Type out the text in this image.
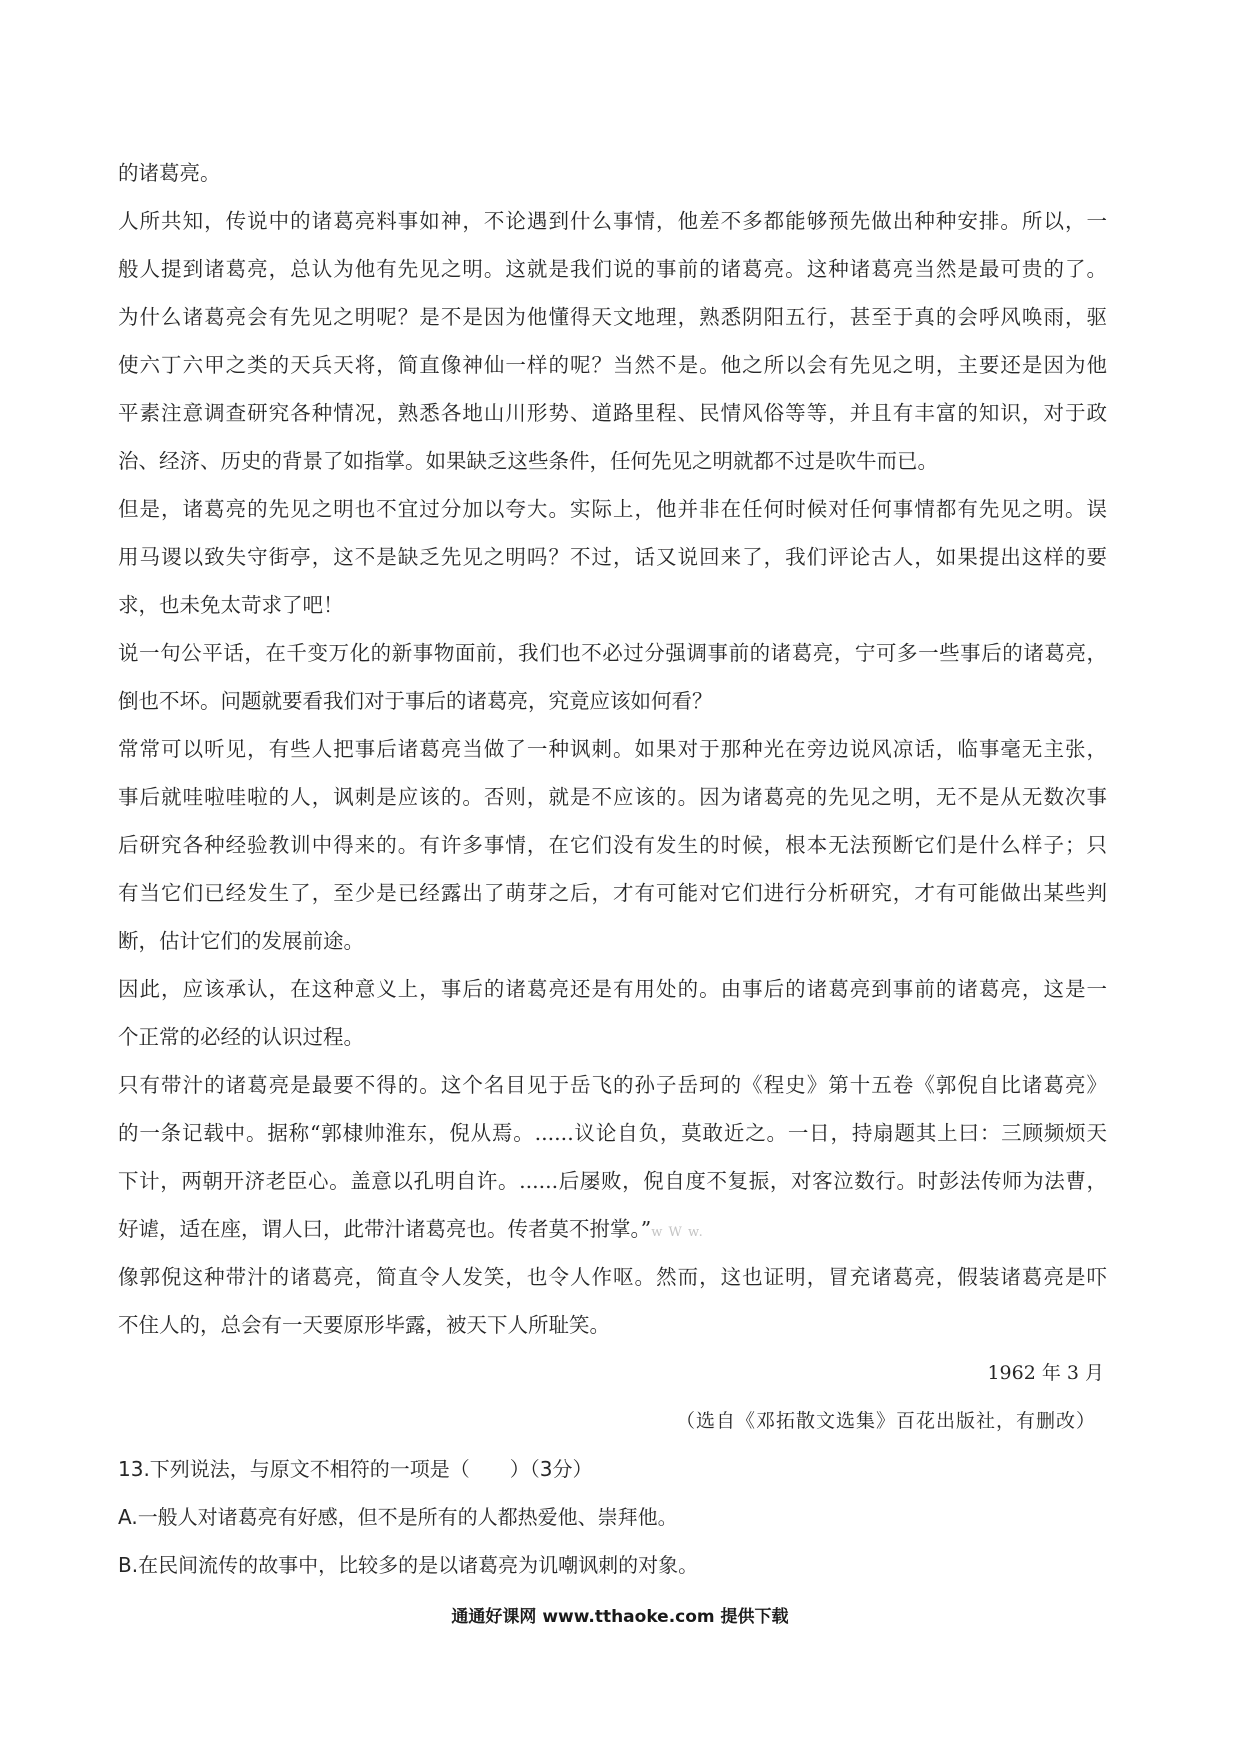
的诸葛亮。
人所共知，传说中的诸葛亮料事如神，不论遇到什么事情，他差不多都能够预先做出种种安排。所以，一
般人提到诸葛亮，总认为他有先见之明。这就是我们说的事前的诸葛亮。这种诸葛亮当然是最可贵的了。
为什么诸葛亮会有先见之明呢？是不是因为他懂得天文地理，熟悉阴阳五行，甚至于真的会呼风唤雨，驱
使六丁六甲之类的天兵天将，简直像神仙一样的呢？当然不是。他之所以会有先见之明，主要还是因为他
平素注意调查研究各种情况，熟悉各地山川形势、道路里程、民情风俗等等，并且有丰富的知识，对于政
治、经济、历史的背景了如指掌。如果缺乏这些条件，任何先见之明就都不过是吹牛而已。
但是，诸葛亮的先见之明也不宜过分加以夸大。实际上，他并非在任何时候对任何事情都有先见之明。误
用马谡以致失守街亭，这不是缺乏先见之明吗？不过，话又说回来了，我们评论古人，如果提出这样的要
求，也未免太苛求了吧！
说一句公平话，在千变万化的新事物面前，我们也不必过分强调事前的诸葛亮，宁可多一些事后的诸葛亮，
倒也不坏。问题就要看我们对于事后的诸葛亮，究竟应该如何看？
常常可以听见，有些人把事后诸葛亮当做了一种讽刺。如果对于那种光在旁边说风凉话，临事毫无主张，
事后就哇啦哇啦的人，讽刺是应该的。否则，就是不应该的。因为诸葛亮的先见之明，无不是从无数次事
后研究各种经验教训中得来的。有许多事情，在它们没有发生的时候，根本无法预断它们是什么样子；只
有当它们已经发生了，至少是已经露出了萌芽之后，才有可能对它们进行分析研究，才有可能做出某些判
断，估计它们的发展前途。
因此，应该承认，在这种意义上，事后的诸葛亮还是有用处的。由事后的诸葛亮到事前的诸葛亮，这是一
个正常的必经的认识过程。
只有带汁的诸葛亮是最要不得的。这个名目见于岳飞的孙子岳珂的《程史》第十五卷《郭倪自比诸葛亮》
的一条记载中。据称“郭棣帅淮东，倪从焉。......议论自负，莫敢近之。一日，持扇题其上曰：三顾频烦天
下计，两朝开济老臣心。盖意以孔明自许。......后屡败，倪自度不复振，对客泣数行。时彭法传师为法曹，
好谑，适在座，谓人曰，此带汁诸葛亮也。传者莫不拊掌。”w W w.
像郭倪这种带汁的诸葛亮，简直令人发笑，也令人作呕。然而，这也证明，冒充诸葛亮，假装诸葛亮是吓
不住人的，总会有一天要原形毕露，被天下人所耻笑。
1962 年 3 月
（选自《邓拓散文选集》百花出版社，有删改）
13.下列说法，与原文不相符的一项是（　　）（3分）
A.一般人对诸葛亮有好感，但不是所有的人都热爱他、崇拜他。
B.在民间流传的故事中，比较多的是以诸葛亮为讥嘲讽刺的对象。
通通好课网 www.tthaoke.com 提供下载
